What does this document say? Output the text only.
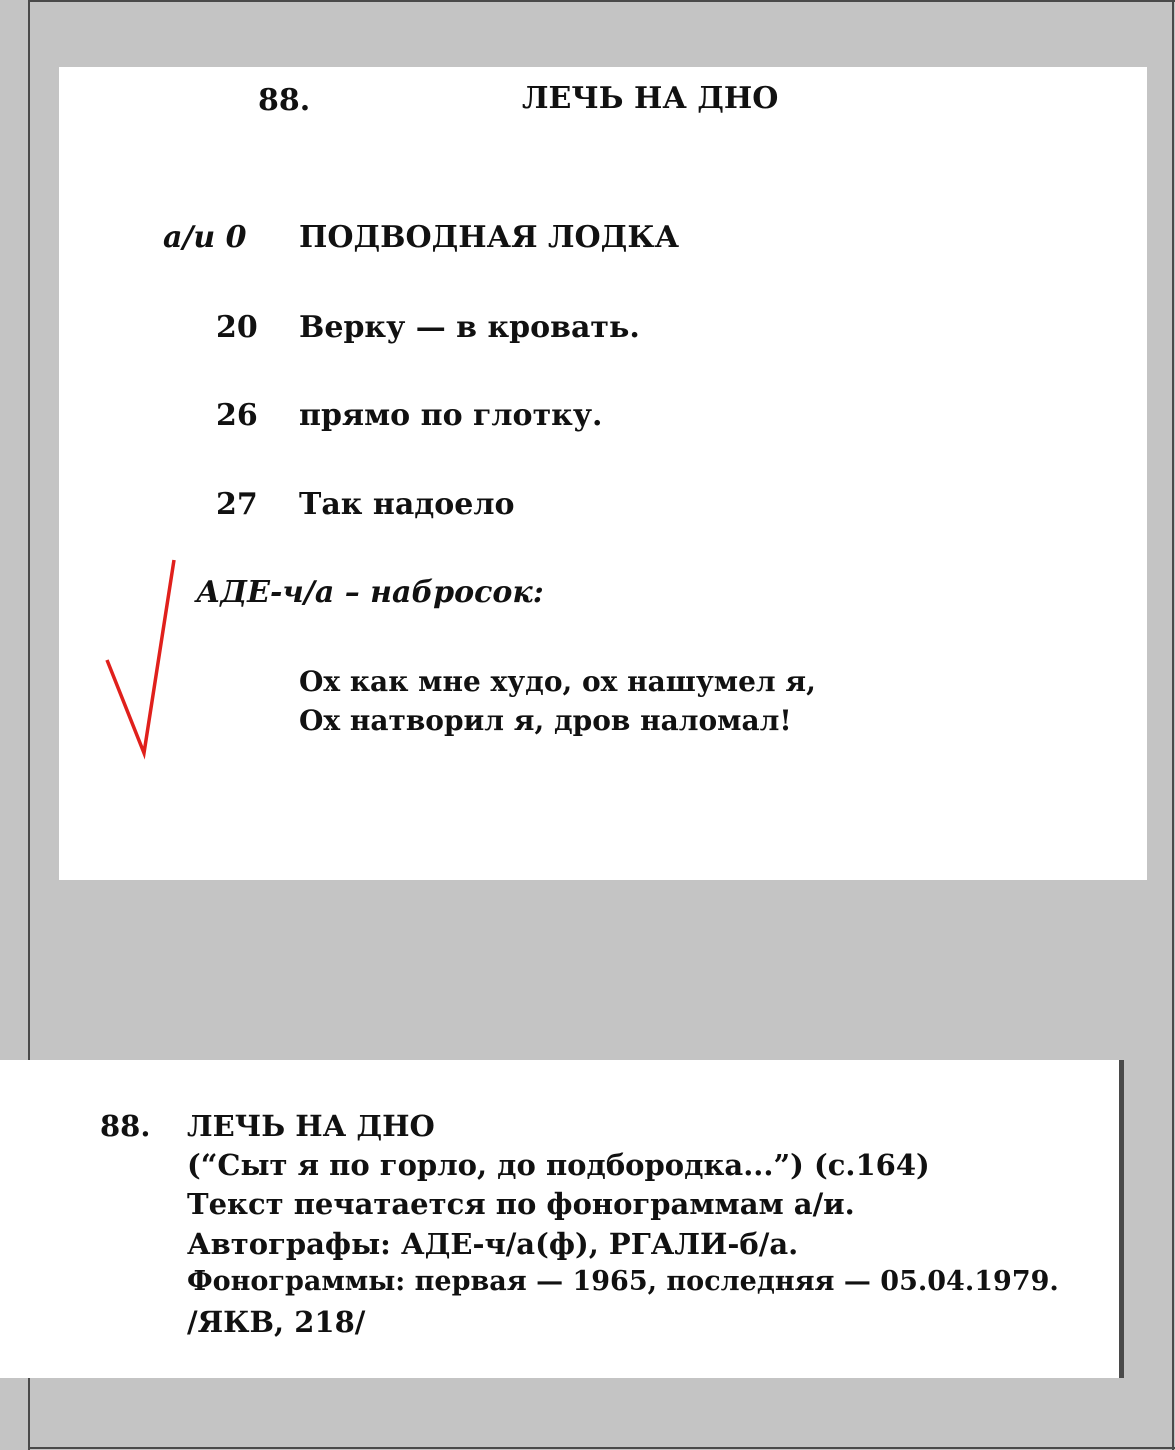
88.	ЛЕЧЬ НА ДНО
а/и 0 ПОДВОДНАЯ ЛОДКА
20 Верку — в кровать.
26 прямо по глотку.
27 Так надоело
АДЕ-ч/а – набросок:
Ох как мне худо, ох нашумел я,
Ох натворил я, дров наломал!
88. ЛЕЧЬ НА ДНО
(“Сыт я по горло, до подбородка...”) (с.164)
Текст печатается по фонограммам а/и.
Автографы: АДЕ-ч/а(ф), РГАЛИ-б/а.
Фонограммы: первая — 1965, последняя — 05.04.1979.
/ЯКВ, 218/
